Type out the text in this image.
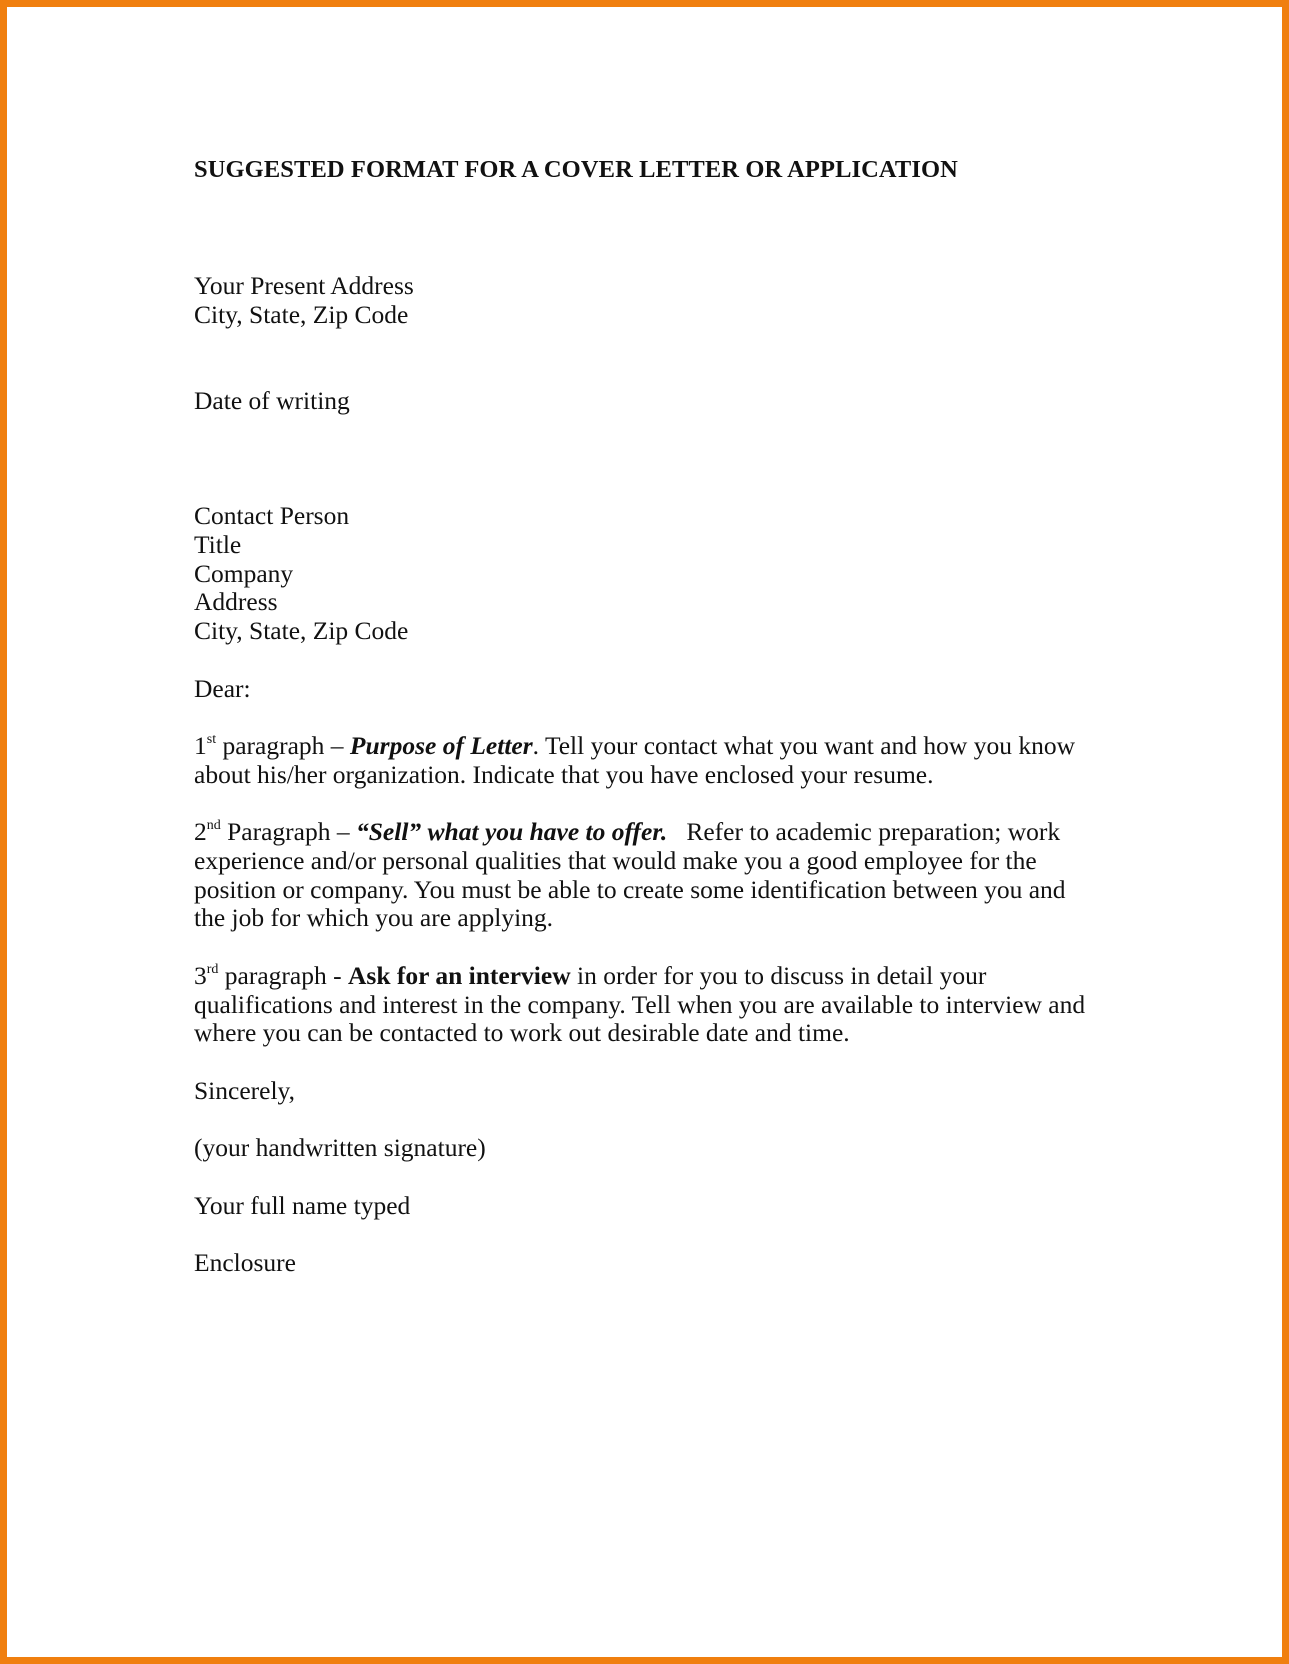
SUGGESTED FORMAT FOR A COVER LETTER OR APPLICATION
Your Present Address
City, State, Zip Code
Date of writing
Contact Person
Title
Company
Address
City, State, Zip Code
Dear:
1st paragraph – Purpose of Letter. Tell your contact what you want and how you know
about his/her organization. Indicate that you have enclosed your resume.
2nd Paragraph – “Sell” what you have to offer.   Refer to academic preparation; work
experience and/or personal qualities that would make you a good employee for the
position or company. You must be able to create some identification between you and
the job for which you are applying.
3rd paragraph - Ask for an interview in order for you to discuss in detail your
qualifications and interest in the company. Tell when you are available to interview and
where you can be contacted to work out desirable date and time.
Sincerely,
(your handwritten signature)
Your full name typed
Enclosure
